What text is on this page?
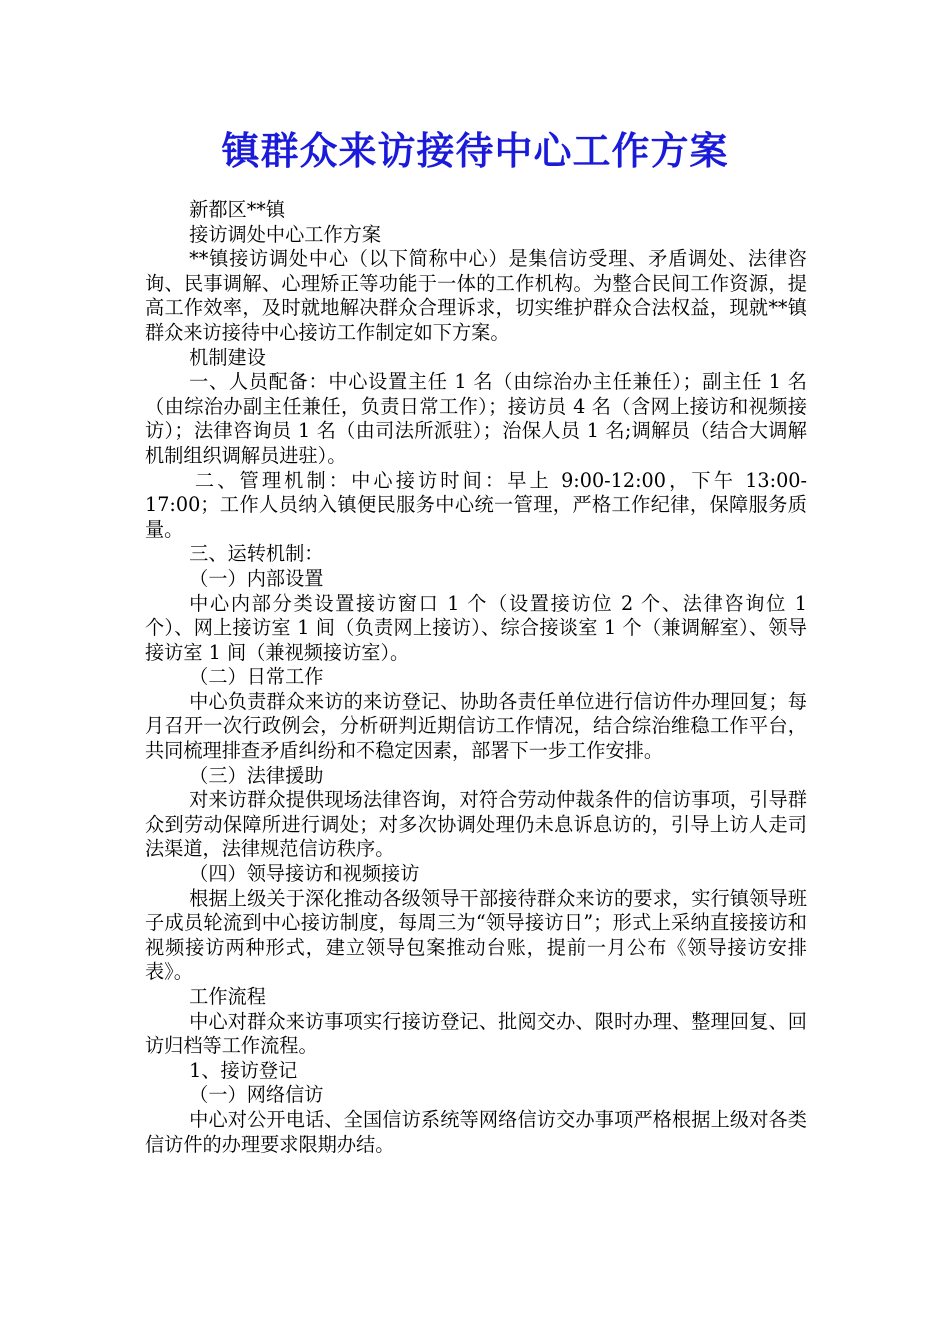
镇群众来访接待中心工作方案

新都区**镇

接访调处中心工作方案

**镇接访调处中心（以下简称中心）是集信访受理、矛盾调处、法律咨询、民事调解、心理矫正等功能于一体的工作机构。为整合民间工作资源，提高工作效率，及时就地解决群众合理诉求，切实维护群众合法权益，现就**镇群众来访接待中心接访工作制定如下方案。

机制建设

一、人员配备：中心设置主任 1 名（由综治办主任兼任）；副主任 1 名（由综治办副主任兼任，负责日常工作）；接访员 4 名（含网上接访和视频接访）；法律咨询员 1 名（由司法所派驻）；治保人员 1 名;调解员（结合大调解机制组织调解员进驻）。

二、管理机制：中心接访时间：早上 9:00-12:00，下午 13:00-17:00；工作人员纳入镇便民服务中心统一管理，严格工作纪律，保障服务质量。

三、运转机制：

（一）内部设置

中心内部分类设置接访窗口 1 个（设置接访位 2 个、法律咨询位 1 个）、网上接访室 1 间（负责网上接访）、综合接谈室 1 个（兼调解室）、领导接访室 1 间（兼视频接访室）。

（二）日常工作

中心负责群众来访的来访登记、协助各责任单位进行信访件办理回复；每月召开一次行政例会，分析研判近期信访工作情况，结合综治维稳工作平台，共同梳理排查矛盾纠纷和不稳定因素，部署下一步工作安排。

（三）法律援助

对来访群众提供现场法律咨询，对符合劳动仲裁条件的信访事项，引导群众到劳动保障所进行调处；对多次协调处理仍未息诉息访的，引导上访人走司法渠道，法律规范信访秩序。

（四）领导接访和视频接访

根据上级关于深化推动各级领导干部接待群众来访的要求，实行镇领导班子成员轮流到中心接访制度，每周三为“领导接访日”；形式上采纳直接接访和视频接访两种形式，建立领导包案推动台账，提前一月公布《领导接访安排表》。

工作流程

中心对群众来访事项实行接访登记、批阅交办、限时办理、整理回复、回访归档等工作流程。

1、接访登记

（一）网络信访

中心对公开电话、全国信访系统等网络信访交办事项严格根据上级对各类信访件的办理要求限期办结。
